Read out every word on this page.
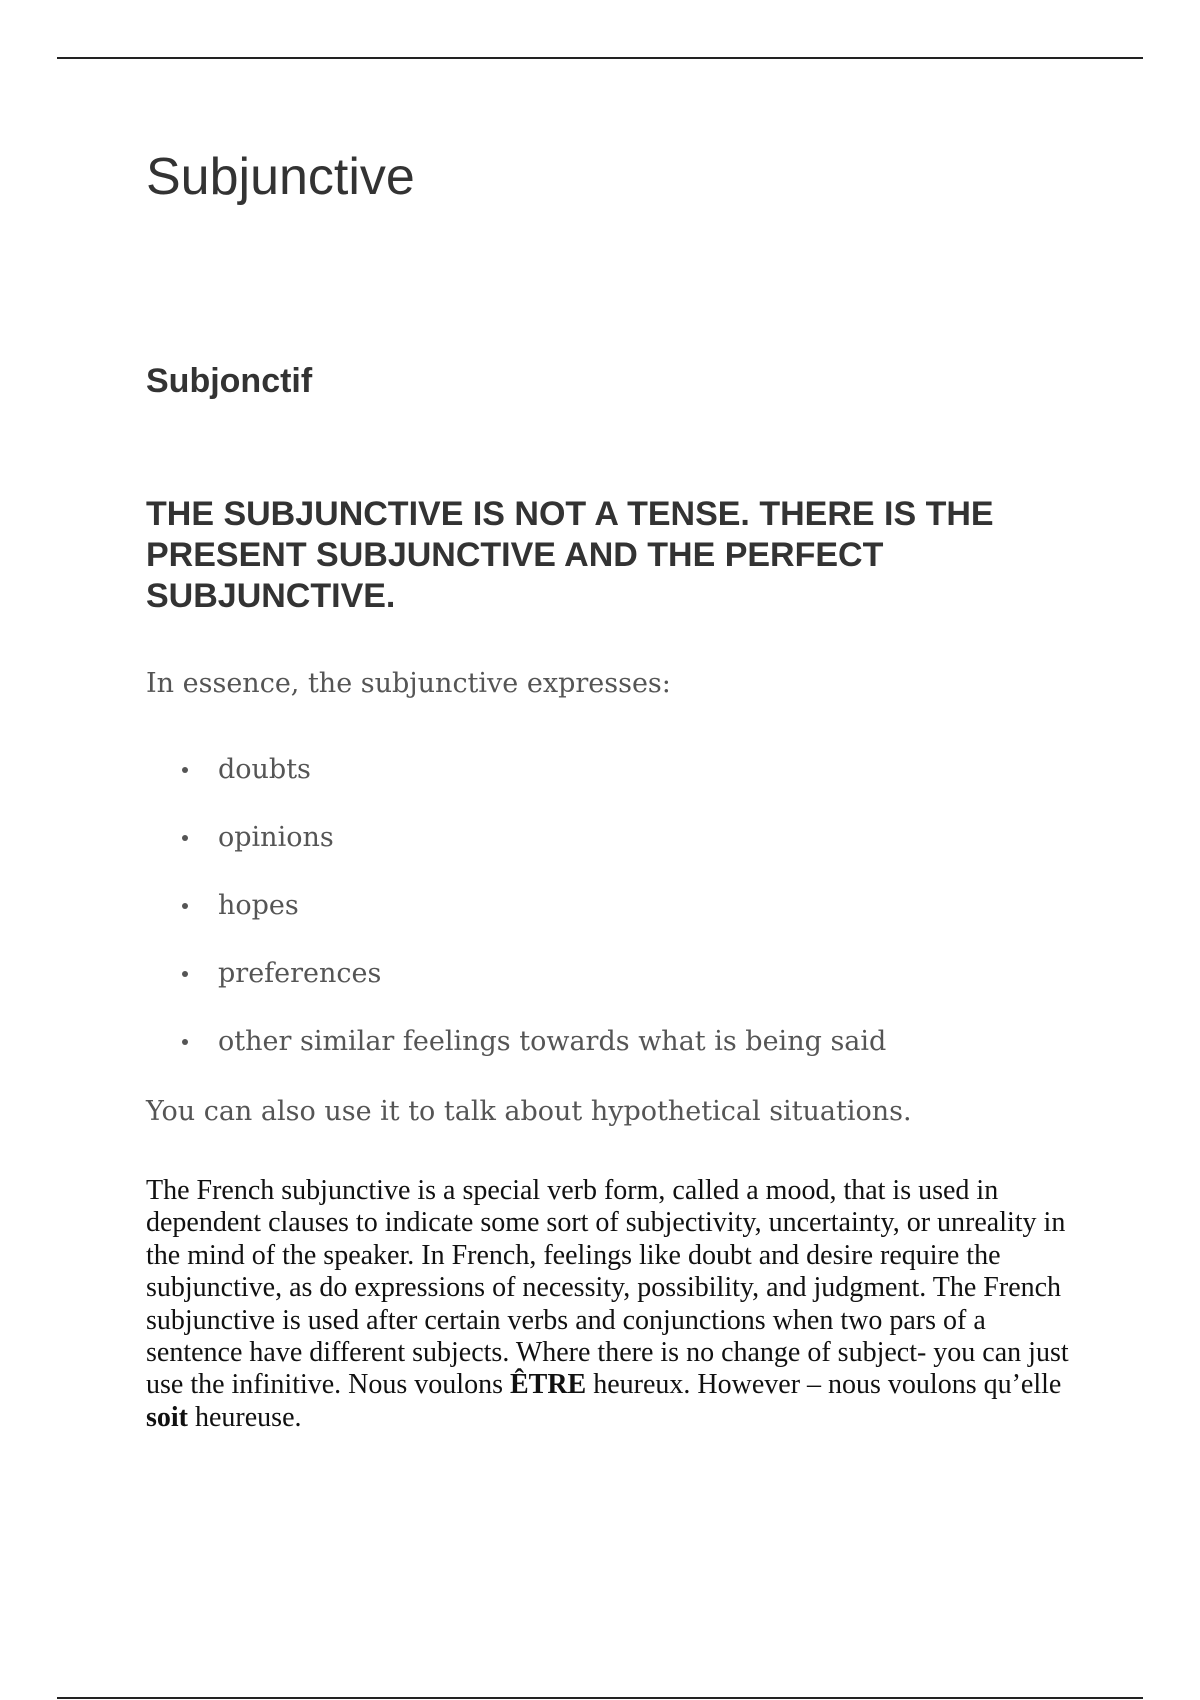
Subjunctive
Subjonctif
THE SUBJUNCTIVE IS NOT A TENSE. THERE IS THE PRESENT SUBJUNCTIVE AND THE PERFECT SUBJUNCTIVE.

In essence, the subjunctive expresses:

doubts
opinions
hopes
preferences
other similar feelings towards what is being said

You can also use it to talk about hypothetical situations.

The French subjunctive is a special verb form, called a mood, that is used in dependent clauses to indicate some sort of subjectivity, uncertainty, or unreality in the mind of the speaker. In French, feelings like doubt and desire require the subjunctive, as do expressions of necessity, possibility, and judgment. The French subjunctive is used after certain verbs and conjunctions when two pars of a sentence have different subjects. Where there is no change of subject- you can just use the infinitive. Nous voulons ÊTRE heureux. However – nous voulons qu’elle soit heureuse.
